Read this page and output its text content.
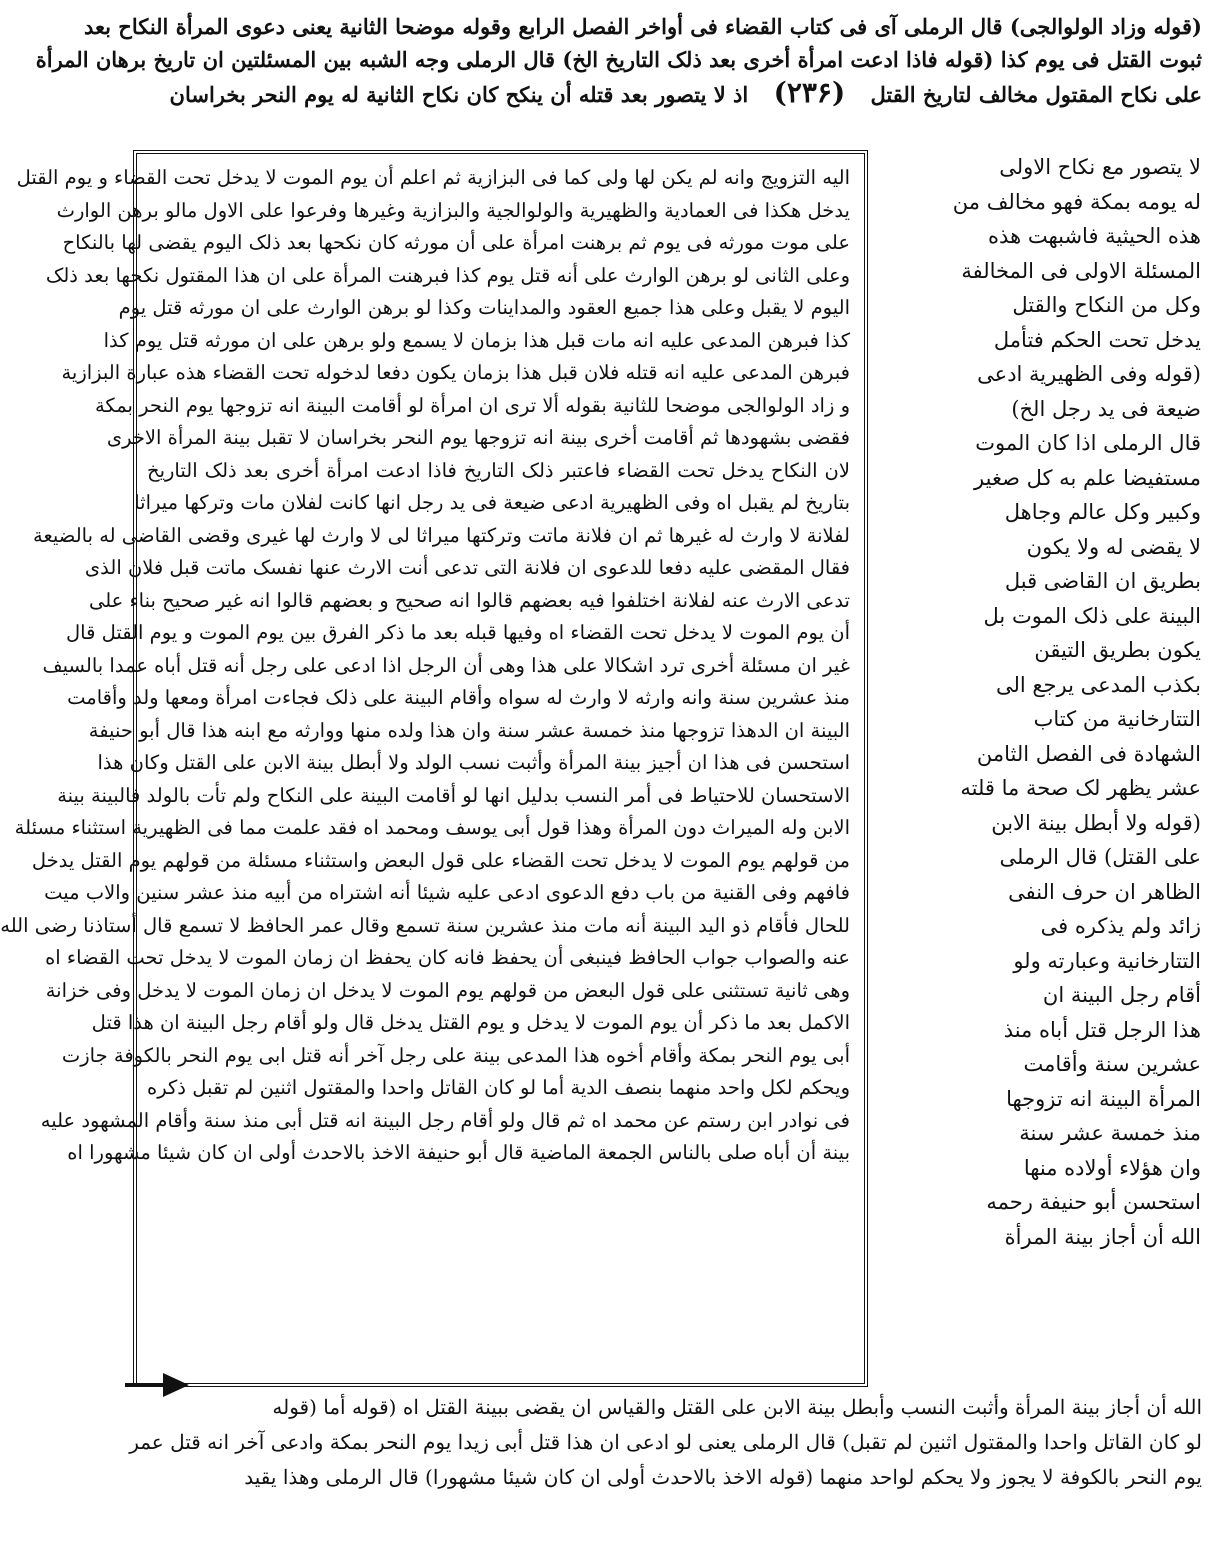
(قوله وزاد الولوالجی) قال الرملی آی فی کتاب القضاء فی أواخر الفصل الرابع وقوله موضحا الثانیة یعنی دعوی المرأة النکاح بعد
ثبوت القتل فی یوم کذا (قوله فاذا ادعت امرأة أخری بعد ذلک التاریخ الخ) قال الرملی وجه الشبه بین المسئلتین ان تاریخ برهان المرأة
علی نکاح المقتول مخالف لتاریخ القتل (۲۳۶) اذ لا یتصور بعد قتله أن ینکح کان نکاح الثانیة له یوم النحر بخراسان
لا یتصور مع نکاح الاولی
له یومه بمکة فهو مخالف من
هذه الحیثیة فاشبهت هذه
المسئلة الاولی فی المخالفة
وکل من النکاح والقتل
یدخل تحت الحکم فتأمل
(قوله وفی الظهیریة ادعی
ضیعة فی ید رجل الخ)
قال الرملی اذا کان الموت
مستفیضا علم به کل صغیر
وکبیر وکل عالم وجاهل
لا یقضی له ولا یکون
بطریق ان القاضی قبل
البینة علی ذلک الموت بل
یکون بطریق التیقن
بکذب المدعی یرجع الی
التتارخانیة من کتاب
الشهادة فی الفصل الثامن
عشر یظهر لک صحة ما قلته
(قوله ولا أبطل بینة الابن
علی القتل) قال الرملی
الظاهر ان حرف النفی
زائد ولم یذکره فی
التتارخانیة وعبارته ولو
أقام رجل البینة ان
هذا الرجل قتل أباه منذ
عشرین سنة وأقامت
المرأة البینة انه تزوجها
منذ خمسة عشر سنة
وان هؤلاء أولاده منها
استحسن أبو حنیفة رحمه
الله أن أجاز بینة المرأة
الیه التزویج وانه لم یکن لها ولی کما فی البزازیة ثم اعلم أن یوم الموت لا یدخل تحت القضاء و یوم القتل
یدخل هکذا فی العمادیة والظهیریة والولوالجیة والبزازیة وغیرها وفرعوا علی الاول مالو برهن الوارث
علی موت مورثه فی یوم ثم برهنت امرأة علی أن مورثه کان نکحها بعد ذلک الیوم یقضی لها بالنکاح
وعلی الثانی لو برهن الوارث علی أنه قتل یوم کذا فبرهنت المرأة علی ان هذا المقتول نکحها بعد ذلک
الیوم لا یقبل وعلی هذا جمیع العقود والمداینات وکذا لو برهن الوارث علی ان مورثه قتل یوم
کذا فبرهن المدعی علیه انه مات قبل هذا بزمان لا یسمع ولو برهن علی ان مورثه قتل یوم کذا
فبرهن المدعی علیه انه قتله فلان قبل هذا بزمان یکون دفعا لدخوله تحت القضاء هذه عبارة البزازیة
و زاد الولوالجی موضحا للثانیة بقوله ألا تری ان امرأة لو أقامت البینة انه تزوجها یوم النحر بمکة
فقضی بشهودها ثم أقامت أخری بینة انه تزوجها یوم النحر بخراسان لا تقبل بینة المرأة الاخری
لان النکاح یدخل تحت القضاء فاعتبر ذلک التاریخ فاذا ادعت امرأة أخری بعد ذلک التاریخ
بتاریخ لم یقبل اه وفی الظهیریة ادعی ضیعة فی ید رجل انها کانت لفلان مات وترکها میراثا
لفلانة لا وارث له غیرها ثم ان فلانة ماتت وترکتها میراثا لی لا وارث لها غیری وقضی القاضی له بالضیعة
فقال المقضی علیه دفعا للدعوی ان فلانة التی تدعی أنت الارث عنها نفسک ماتت قبل فلان الذی
تدعی الارث عنه لفلانة اختلفوا فیه بعضهم قالوا انه صحیح و بعضهم قالوا انه غیر صحیح بناء علی
أن یوم الموت لا یدخل تحت القضاء اه وفیها قبله بعد ما ذکر الفرق بین یوم الموت و یوم القتل قال
غیر ان مسئلة أخری ترد اشکالا علی هذا وهی أن الرجل اذا ادعی علی رجل أنه قتل أباه عمدا بالسیف
منذ عشرین سنة وانه وارثه لا وارث له سواه وأقام البینة علی ذلک فجاءت امرأة ومعها ولد وأقامت
البینة ان الدهذا تزوجها منذ خمسة عشر سنة وان هذا ولده منها ووارثه مع ابنه هذا قال أبو حنیفة
استحسن فی هذا ان أجیز بینة المرأة وأثبت نسب الولد ولا أبطل بینة الابن علی القتل وکان هذا
الاستحسان للاحتیاط فی أمر النسب بدلیل انها لو أقامت البینة علی النکاح ولم تأت بالولد فالبینة بینة
الابن وله المیراث دون المرأة وهذا قول أبی یوسف ومحمد اه فقد علمت مما فی الظهیریة استثناء مسئلة
من قولهم یوم الموت لا یدخل تحت القضاء علی قول البعض واستثناء مسئلة من قولهم یوم القتل یدخل
فافهم وفی القنیة من باب دفع الدعوی ادعی علیه شیئا أنه اشتراه من أبیه منذ عشر سنین والاب میت
للحال فأقام ذو الید البینة أنه مات منذ عشرین سنة تسمع وقال عمر الحافظ لا تسمع قال أستاذنا رضی الله
عنه والصواب جواب الحافظ فینبغی أن یحفظ فانه کان یحفظ ان زمان الموت لا یدخل تحت القضاء اه
وهی ثانیة تستثنی علی قول البعض من قولهم یوم الموت لا یدخل ان زمان الموت لا یدخل وفی خزانة
الاکمل بعد ما ذکر أن یوم الموت لا یدخل و یوم القتل یدخل قال ولو أقام رجل البینة ان هذا قتل
أبی یوم النحر بمکة وأقام أخوه هذا المدعی بینة علی رجل آخر أنه قتل ابی یوم النحر بالکوفة جازت
ویحکم لکل واحد منهما بنصف الدیة أما لو کان القاتل واحدا والمقتول اثنین لم تقبل ذکره
فی نوادر ابن رستم عن محمد اه ثم قال ولو أقام رجل البینة انه قتل أبی منذ سنة وأقام المشهود علیه
بینة أن أباه صلی بالناس الجمعة الماضیة قال أبو حنیفة الاخذ بالاحدث أولی ان کان شیئا مشهورا اه
الله أن أجاز بینة المرأة وأثبت النسب وأبطل بینة الابن علی القتل والقیاس ان یقضی ببینة القتل اه (قوله أما (قوله
لو کان القاتل واحدا والمقتول اثنین لم تقبل) قال الرملی یعنی لو ادعی ان هذا قتل أبی زیدا یوم النحر بمکة وادعی آخر انه قتل عمر
یوم النحر بالکوفة لا یجوز ولا یحکم لواحد منهما (قوله الاخذ بالاحدث أولی ان کان شیئا مشهورا) قال الرملی وهذا یقید
